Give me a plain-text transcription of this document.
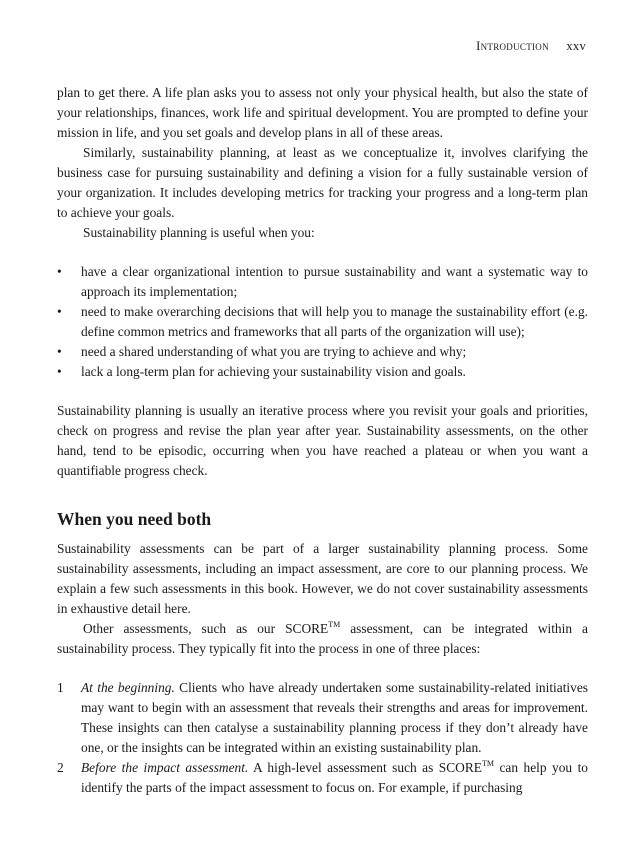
Introduction xxv

plan to get there. A life plan asks you to assess not only your physical health, but also the state of your relationships, finances, work life and spiritual development. You are prompted to define your mission in life, and you set goals and develop plans in all of these areas.

Similarly, sustainability planning, at least as we conceptualize it, involves clarifying the business case for pursuing sustainability and defining a vision for a fully sustainable version of your organization. It includes developing metrics for tracking your progress and a long-term plan to achieve your goals.

Sustainability planning is useful when you:

• have a clear organizational intention to pursue sustainability and want a systematic way to approach its implementation;
• need to make overarching decisions that will help you to manage the sustainability effort (e.g. define common metrics and frameworks that all parts of the organization will use);
• need a shared understanding of what you are trying to achieve and why;
• lack a long-term plan for achieving your sustainability vision and goals.

Sustainability planning is usually an iterative process where you revisit your goals and priorities, check on progress and revise the plan year after year. Sustainability assessments, on the other hand, tend to be episodic, occurring when you have reached a plateau or when you want a quantifiable progress check.

When you need both

Sustainability assessments can be part of a larger sustainability planning process. Some sustainability assessments, including an impact assessment, are core to our planning process. We explain a few such assessments in this book. However, we do not cover sustainability assessments in exhaustive detail here.

Other assessments, such as our SCORE™ assessment, can be integrated within a sustainability process. They typically fit into the process in one of three places:

1 At the beginning. Clients who have already undertaken some sustainability-related initiatives may want to begin with an assessment that reveals their strengths and areas for improvement. These insights can then catalyse a sustainability planning process if they don’t already have one, or the insights can be integrated within an existing sustainability plan.
2 Before the impact assessment. A high-level assessment such as SCORE™ can help you to identify the parts of the impact assessment to focus on. For example, if purchasing
